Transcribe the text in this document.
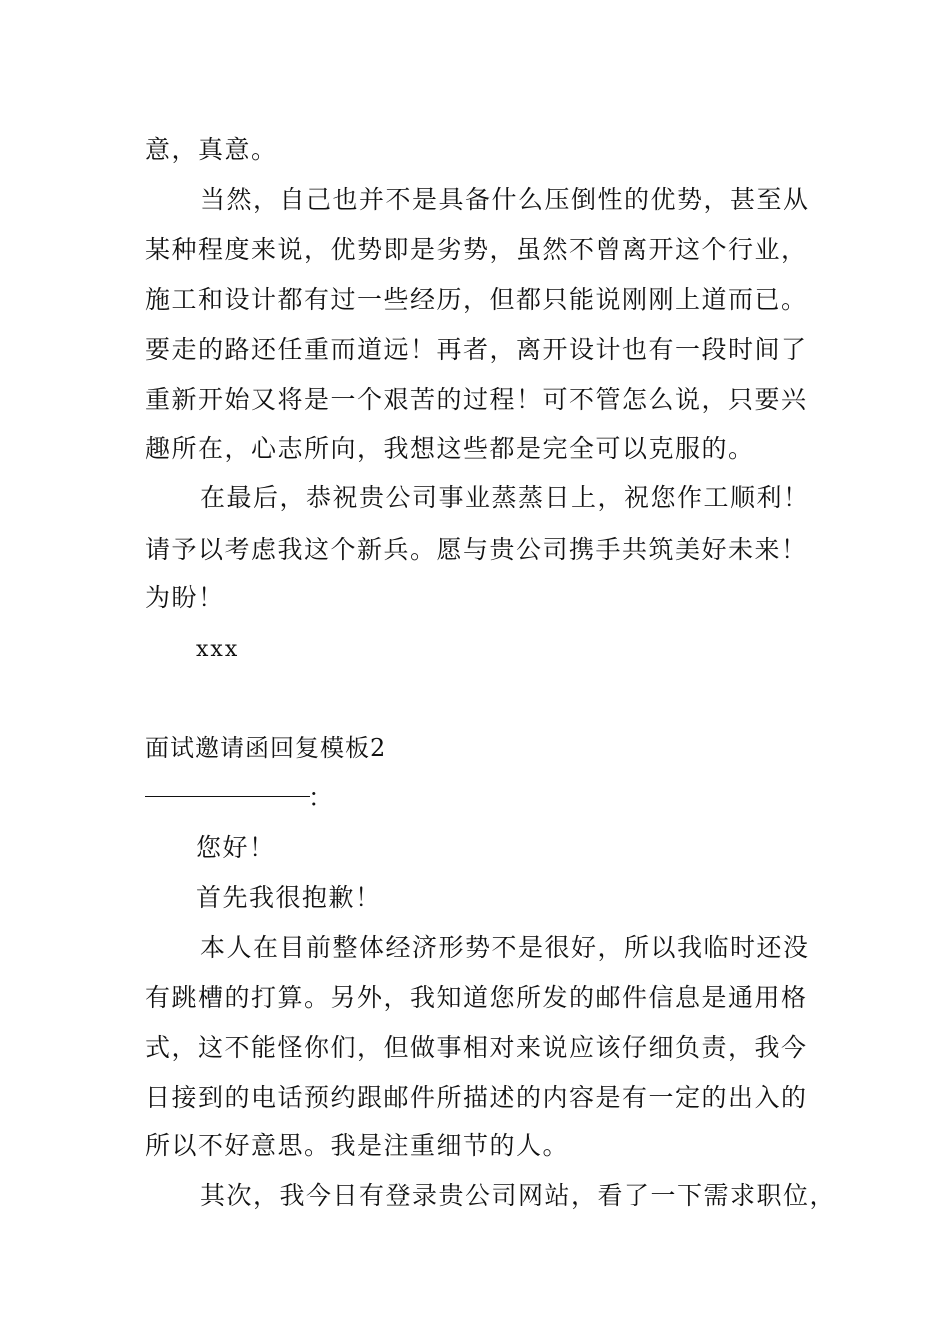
意，真意。
当然，自己也并不是具备什么压倒性的优势，甚至从
某种程度来说，优势即是劣势，虽然不曾离开这个行业，
施工和设计都有过一些经历，但都只能说刚刚上道而已。
要走的路还任重而道远！再者，离开设计也有一段时间了
重新开始又将是一个艰苦的过程！可不管怎么说，只要兴
趣所在，心志所向，我想这些都是完全可以克服的。
在最后，恭祝贵公司事业蒸蒸日上，祝您作工顺利！
请予以考虑我这个新兵。愿与贵公司携手共筑美好未来！
为盼！
xxx
面试邀请函回复模板2
：
您好！
首先我很抱歉！
本人在目前整体经济形势不是很好，所以我临时还没
有跳槽的打算。另外，我知道您所发的邮件信息是通用格
式，这不能怪你们，但做事相对来说应该仔细负责，我今
日接到的电话预约跟邮件所描述的内容是有一定的出入的
所以不好意思。我是注重细节的人。
其次，我今日有登录贵公司网站，看了一下需求职位，
